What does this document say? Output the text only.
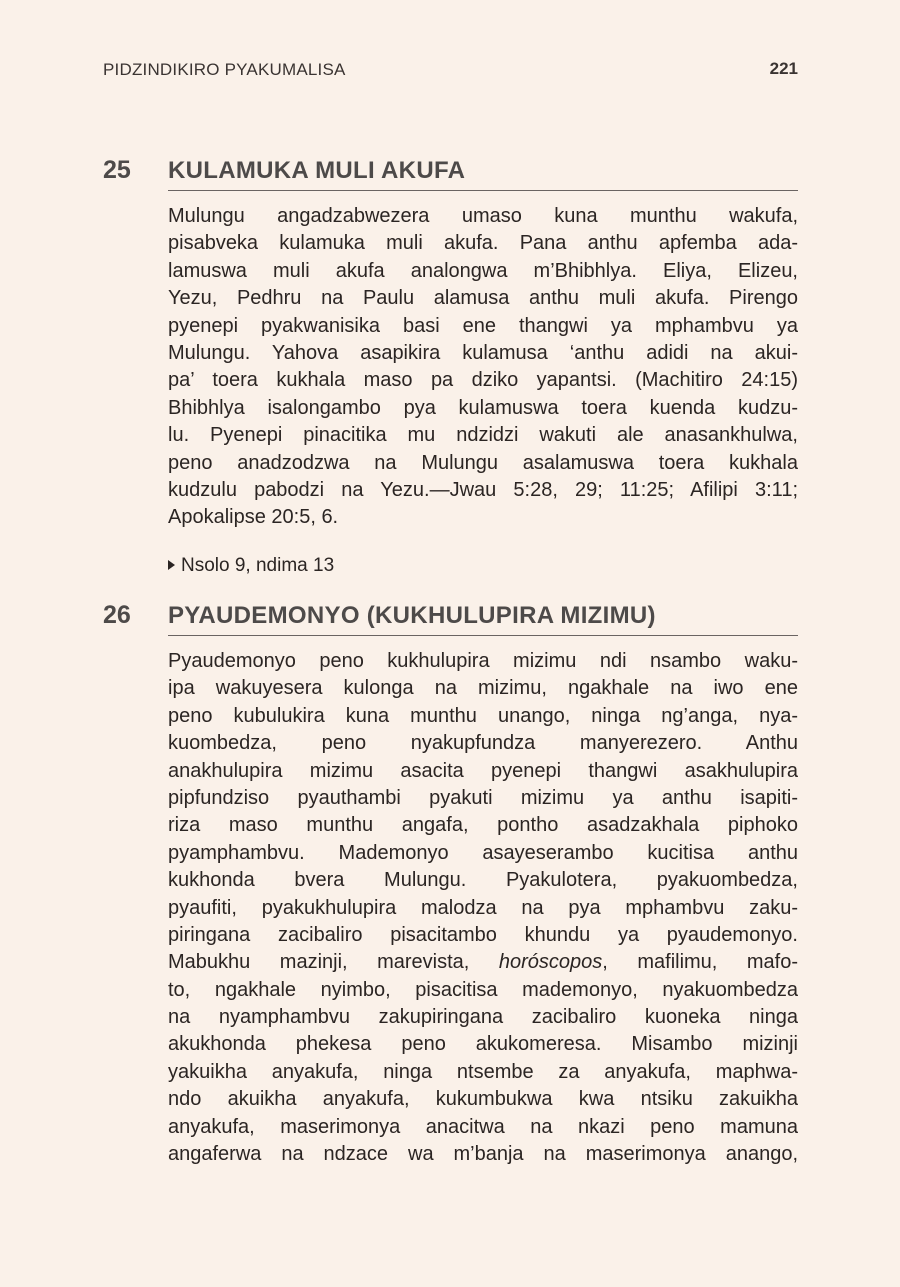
PIDZINDIKIRO PYAKUMALISA	221
25 KULAMUKA MULI AKUFA
Mulungu angadzabwezera umaso kuna munthu wakufa,
pisabveka kulamuka muli akufa. Pana anthu apfemba ada-
lamuswa muli akufa analongwa m’Bhibhlya. Eliya, Elizeu,
Yezu, Pedhru na Paulu alamusa anthu muli akufa. Pirengo
pyenepi pyakwanisika basi ene thangwi ya mphambvu ya
Mulungu. Yahova asapikira kulamusa ‘anthu adidi na akui-
pa’ toera kukhala maso pa dziko yapantsi. (Machitiro 24:15)
Bhibhlya isalongambo pya kulamuswa toera kuenda kudzu-
lu. Pyenepi pinacitika mu ndzidzi wakuti ale anasankhulwa,
peno anadzodzwa na Mulungu asalamuswa toera kukhala
kudzulu pabodzi na Yezu.—Jwau 5:28, 29; 11:25; Afilipi 3:11;
Apokalipse 20:5, 6.
Nsolo 9, ndima 13
26 PYAUDEMONYO (KUKHULUPIRA MIZIMU)
Pyaudemonyo peno kukhulupira mizimu ndi nsambo waku-
ipa wakuyesera kulonga na mizimu, ngakhale na iwo ene
peno kubulukira kuna munthu unango, ninga ng’anga, nya-
kuombedza, peno nyakupfundza manyerezero. Anthu
anakhulupira mizimu asacita pyenepi thangwi asakhulupira
pipfundziso pyauthambi pyakuti mizimu ya anthu isapiti-
riza maso munthu angafa, pontho asadzakhala piphoko
pyamphambvu. Mademonyo asayeserambo kucitisa anthu
kukhonda bvera Mulungu. Pyakulotera, pyakuombedza,
pyaufiti, pyakukhulupira malodza na pya mphambvu zaku-
piringana zacibaliro pisacitambo khundu ya pyaudemonyo.
Mabukhu mazinji, marevista, horóscopos, mafilimu, mafo-
to, ngakhale nyimbo, pisacitisa mademonyo, nyakuombedza
na nyamphambvu zakupiringana zacibaliro kuoneka ninga
akukhonda phekesa peno akukomeresa. Misambo mizinji
yakuikha anyakufa, ninga ntsembe za anyakufa, maphwa-
ndo akuikha anyakufa, kukumbukwa kwa ntsiku zakuikha
anyakufa, maserimonya anacitwa na nkazi peno mamuna
angaferwa na ndzace wa m’banja na maserimonya anango,
